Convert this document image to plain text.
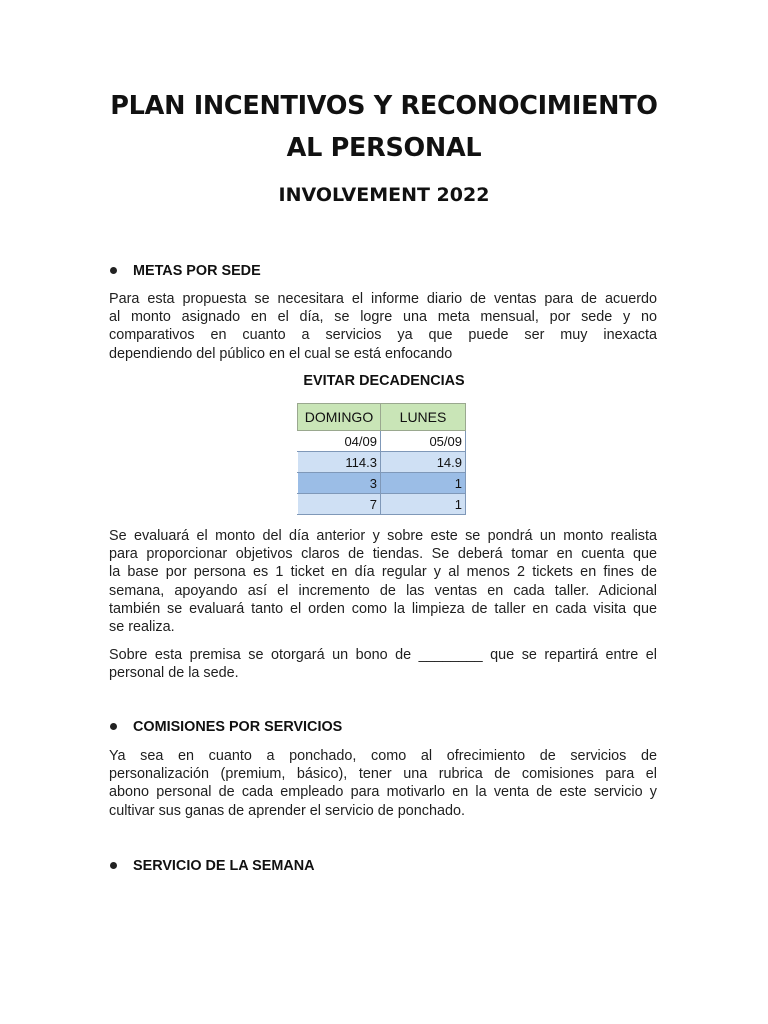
PLAN INCENTIVOS Y RECONOCIMIENTO
AL PERSONAL
INVOLVEMENT 2022
METAS POR SEDE

Para esta propuesta se necesitara el informe diario de ventas para de acuerdo
al monto asignado en el día, se logre una meta mensual, por sede y no
comparativos en cuanto a servicios ya que puede ser muy inexacta
dependiendo del público en el cual se está enfocando

EVITAR DECADENCIAS
DOMINGO	LUNES
04/09	05/09
114.3	14.9
3	1
7	1

Se evaluará el monto del día anterior y sobre este se pondrá un monto realista
para proporcionar objetivos claros de tiendas. Se deberá tomar en cuenta que
la base por persona es 1 ticket en día regular y al menos 2 tickets en fines de
semana, apoyando así el incremento de las ventas en cada taller. Adicional
también se evaluará tanto el orden como la limpieza de taller en cada visita que
se realiza.

Sobre esta premisa se otorgará un bono de ________ que se repartirá entre el
personal de la sede.

COMISIONES POR SERVICIOS

Ya sea en cuanto a ponchado, como al ofrecimiento de servicios de
personalización (premium, básico), tener una rubrica de comisiones para el
abono personal de cada empleado para motivarlo en la venta de este servicio y
cultivar sus ganas de aprender el servicio de ponchado.

SERVICIO DE LA SEMANA
